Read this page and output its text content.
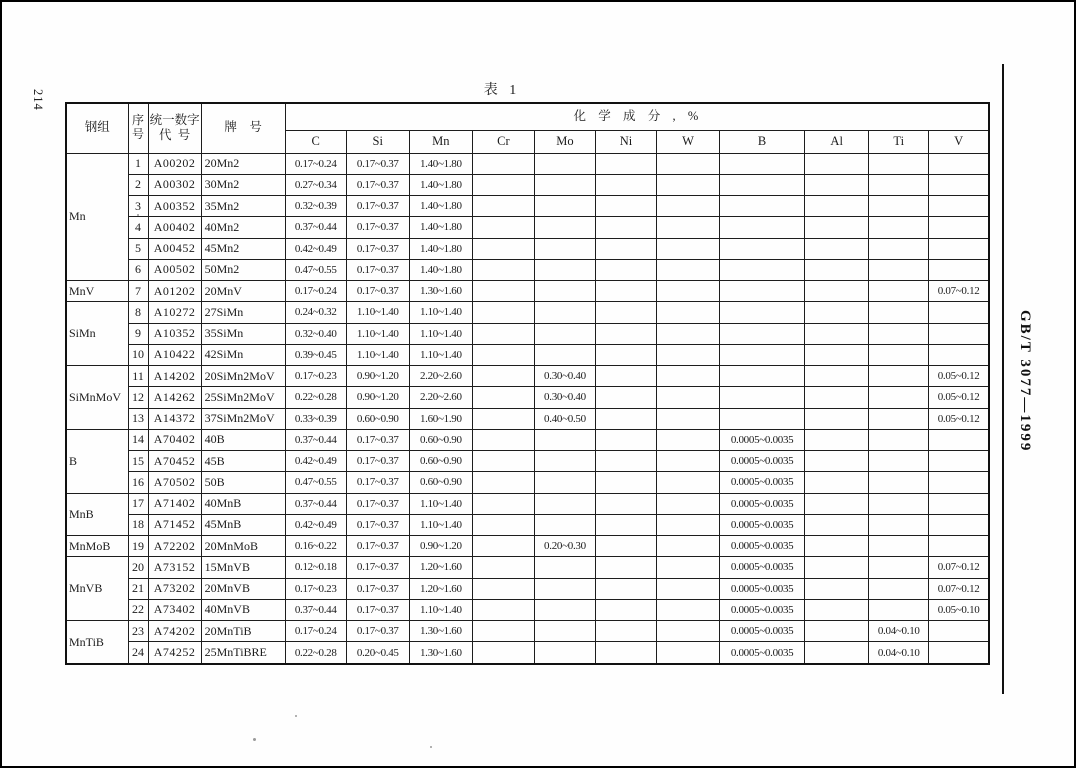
214	表 1
钢组	序号	统一数字
代  号	牌    号	化  学  成  分  ,  %										
				C	Si	Mn	Cr	Mo	Ni	W	B	Al	Ti	V
Mn	1	A00202	20Mn2	0.17~0.24	0.17~0.37	1.40~1.80								
	2	A00302	30Mn2	0.27~0.34	0.17~0.37	1.40~1.80								
	3	A00352	35Mn2	0.32~0.39	0.17~0.37	1.40~1.80								
	4	A00402	40Mn2	0.37~0.44	0.17~0.37	1.40~1.80								
	5	A00452	45Mn2	0.42~0.49	0.17~0.37	1.40~1.80								
	6	A00502	50Mn2	0.47~0.55	0.17~0.37	1.40~1.80								
MnV	7	A01202	20MnV	0.17~0.24	0.17~0.37	1.30~1.60								0.07~0.12
SiMn	8	A10272	27SiMn	0.24~0.32	1.10~1.40	1.10~1.40								
	9	A10352	35SiMn	0.32~0.40	1.10~1.40	1.10~1.40								
	10	A10422	42SiMn	0.39~0.45	1.10~1.40	1.10~1.40								
SiMnMoV	11	A14202	20SiMn2MoV	0.17~0.23	0.90~1.20	2.20~2.60		0.30~0.40						0.05~0.12
	12	A14262	25SiMn2MoV	0.22~0.28	0.90~1.20	2.20~2.60		0.30~0.40						0.05~0.12
	13	A14372	37SiMn2MoV	0.33~0.39	0.60~0.90	1.60~1.90		0.40~0.50						0.05~0.12
B	14	A70402	40B	0.37~0.44	0.17~0.37	0.60~0.90					0.0005~0.0035			
	15	A70452	45B	0.42~0.49	0.17~0.37	0.60~0.90					0.0005~0.0035			
	16	A70502	50B	0.47~0.55	0.17~0.37	0.60~0.90					0.0005~0.0035			
MnB	17	A71402	40MnB	0.37~0.44	0.17~0.37	1.10~1.40					0.0005~0.0035			
	18	A71452	45MnB	0.42~0.49	0.17~0.37	1.10~1.40					0.0005~0.0035			
MnMoB	19	A72202	20MnMoB	0.16~0.22	0.17~0.37	0.90~1.20		0.20~0.30			0.0005~0.0035			
MnVB	20	A73152	15MnVB	0.12~0.18	0.17~0.37	1.20~1.60					0.0005~0.0035			0.07~0.12
	21	A73202	20MnVB	0.17~0.23	0.17~0.37	1.20~1.60					0.0005~0.0035			0.07~0.12
	22	A73402	40MnVB	0.37~0.44	0.17~0.37	1.10~1.40					0.0005~0.0035			0.05~0.10
MnTiB	23	A74202	20MnTiB	0.17~0.24	0.17~0.37	1.30~1.60					0.0005~0.0035		0.04~0.10	
	24	A74252	25MnTiBRE	0.22~0.28	0.20~0.45	1.30~1.60					0.0005~0.0035		0.04~0.10	
GB/T 3077—1999
